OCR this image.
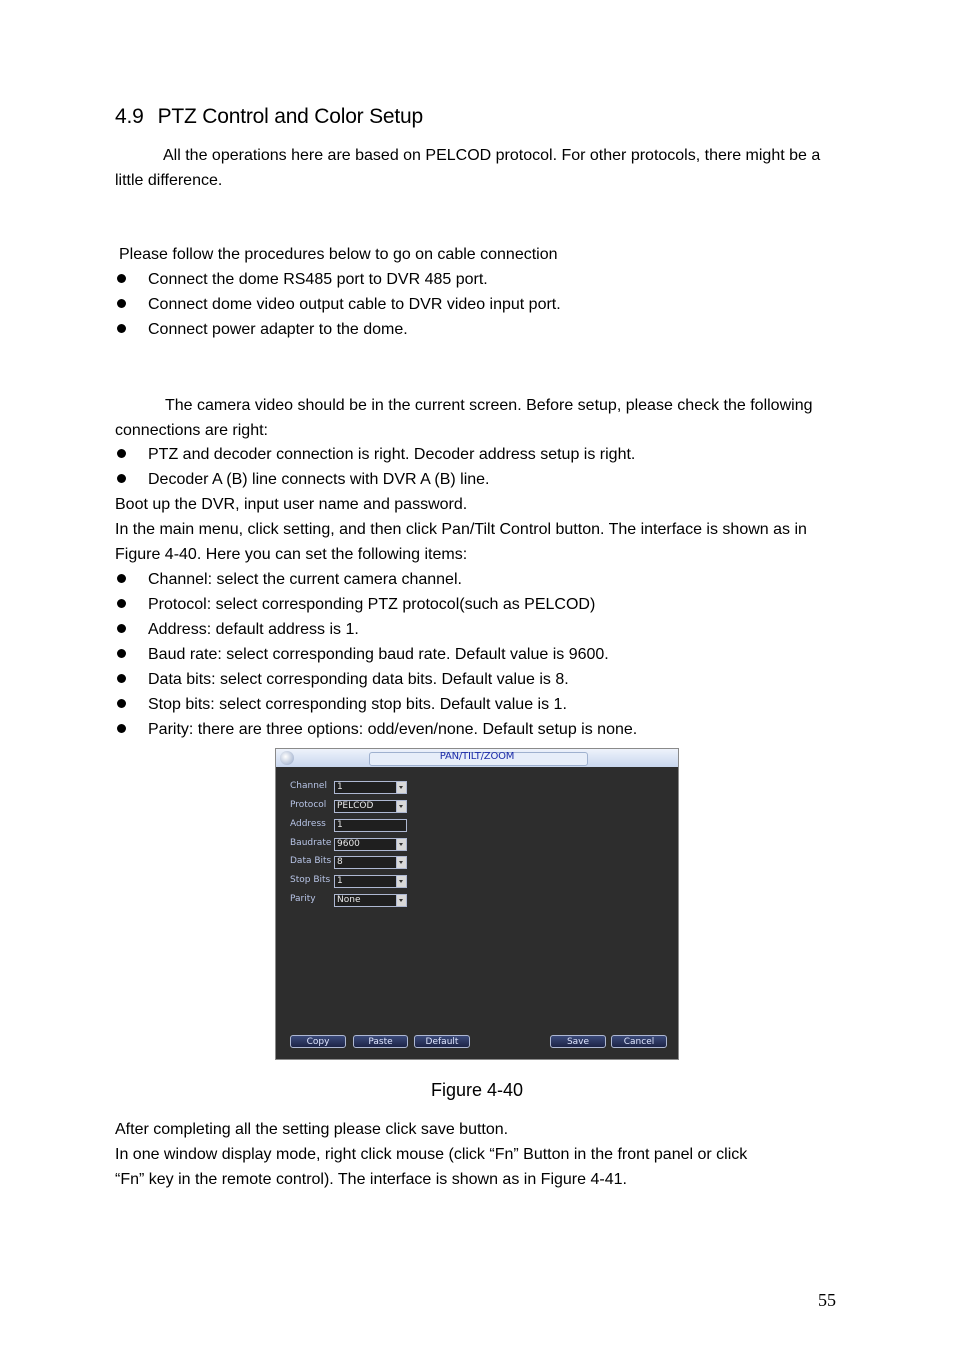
4.9 PTZ Control and Color Setup

All the operations here are based on PELCOD protocol. For other protocols, there might be a little difference.

Please follow the procedures below to go on cable connection
Connect the dome RS485 port to DVR 485 port.
Connect dome video output cable to DVR video input port.
Connect power adapter to the dome.

The camera video should be in the current screen. Before setup, please check the following connections are right:

PTZ and decoder connection is right. Decoder address setup is right.
Decoder A (B) line connects with DVR A (B) line.
Boot up the DVR, input user name and password.

In the main menu, click setting, and then click Pan/Tilt Control button. The interface is shown as in Figure 4-40. Here you can set the following items:

Channel: select the current camera channel.
Protocol: select corresponding PTZ protocol(such as PELCOD)
Address: default address is 1.
Baud rate: select corresponding baud rate. Default value is 9600.
Data bits: select corresponding data bits. Default value is 8.
Stop bits: select corresponding stop bits. Default value is 1.
Parity: there are three options: odd/even/none. Default setup is none.
PAN/TILT/ZOOM
Channel	1
Protocol	PELCOD
Address	1
Baudrate 9600
Data Bits 8
Stop Bits 1
Parity	None
Copy	Paste	Default	Save	Cancel
Figure 4-40
After completing all the setting please click save button.
In one window display mode, right click mouse (click “Fn” Button in the front panel or click
“Fn” key in the remote control). The interface is shown as in Figure 4-41.
55
